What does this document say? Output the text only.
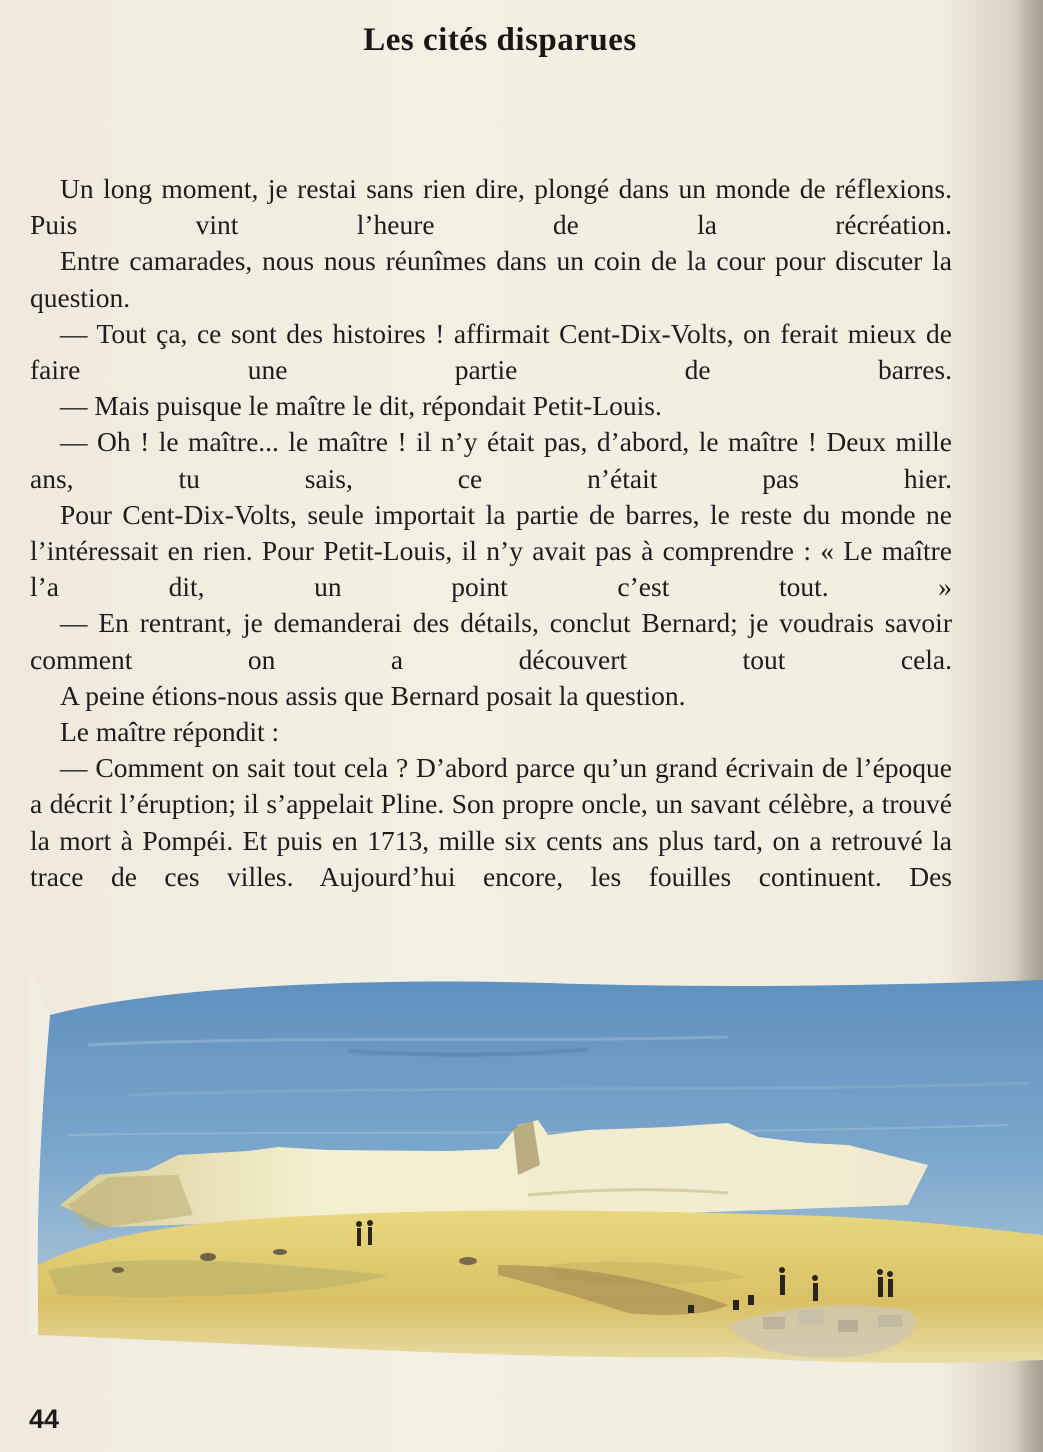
Les cités disparues

Un long moment, je restai sans rien dire, plongé dans un monde de réflexions. Puis vint l’heure de la récréation.

Entre camarades, nous nous réunîmes dans un coin de la cour pour discuter la question.

— Tout ça, ce sont des histoires ! affirmait Cent-Dix-Volts, on ferait mieux de faire une partie de barres.

— Mais puisque le maître le dit, répondait Petit-Louis.

— Oh ! le maître... le maître ! il n’y était pas, d’abord, le maître ! Deux mille ans, tu sais, ce n’était pas hier.

Pour Cent-Dix-Volts, seule importait la partie de barres, le reste du monde ne l’intéressait en rien. Pour Petit-Louis, il n’y avait pas à comprendre : « Le maître l’a dit, un point c’est tout. »

— En rentrant, je demanderai des détails, conclut Bernard; je voudrais savoir comment on a découvert tout cela.

A peine étions-nous assis que Bernard posait la question.

Le maître répondit :

— Comment on sait tout cela ? D’abord parce qu’un grand écrivain de l’époque a décrit l’éruption; il s’appelait Pline. Son propre oncle, un savant célèbre, a trouvé la mort à Pompéi. Et puis en 1713, mille six cents ans plus tard, on a retrouvé la trace de ces villes. Aujourd’hui encore, les fouilles continuent. Des

44
